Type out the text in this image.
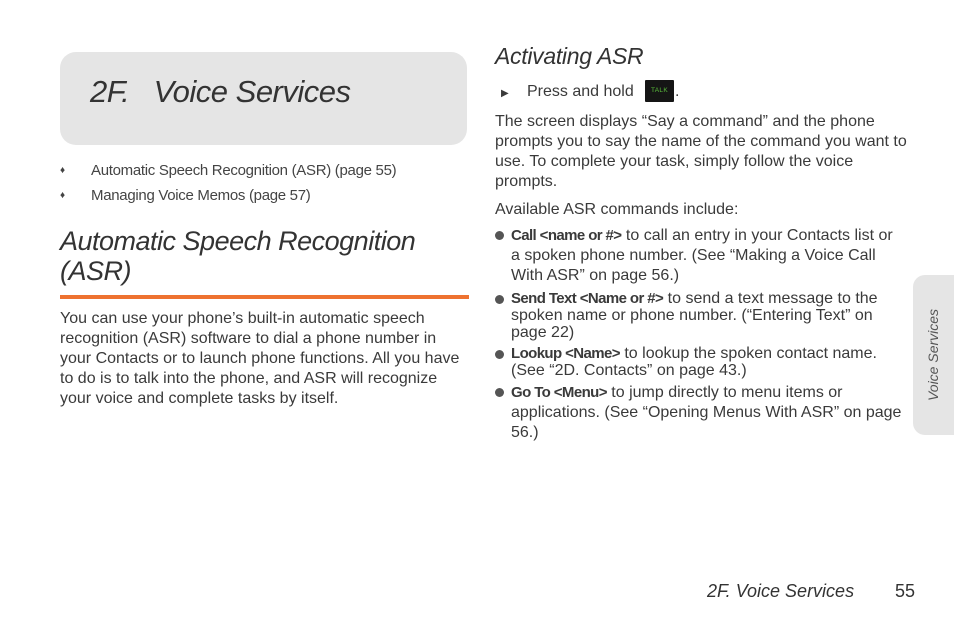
2F.   Voice Services
♦ Automatic Speech Recognition (ASR) (page 55)
♦ Managing Voice Memos (page 57)
Automatic Speech Recognition (ASR)

You can use your phone’s built-in automatic speech recognition (ASR) software to dial a phone number in your Contacts or to launch phone functions. All you have to do is to talk into the phone, and ASR will recognize your voice and complete tasks by itself.

Activating ASR
▶ Press and hold	TALK .

The screen displays “Say a command” and the phone prompts you to say the name of the command you want to use. To complete your task, simply follow the voice prompts.

Available ASR commands include:

Call <name or #> to call an entry in your Contacts list or a spoken phone number. (See “Making a Voice Call With ASR” on page 56.)

Send Text <Name or #> to send a text message to the spoken name or phone number. (“Entering Text” on page 22)

Lookup <Name> to lookup the spoken contact name. (See “2D. Contacts” on page 43.)

Go To <Menu> to jump directly to menu items or applications. (See “Opening Menus With ASR” on page 56.)

Voice Services
2F. Voice Services 55
